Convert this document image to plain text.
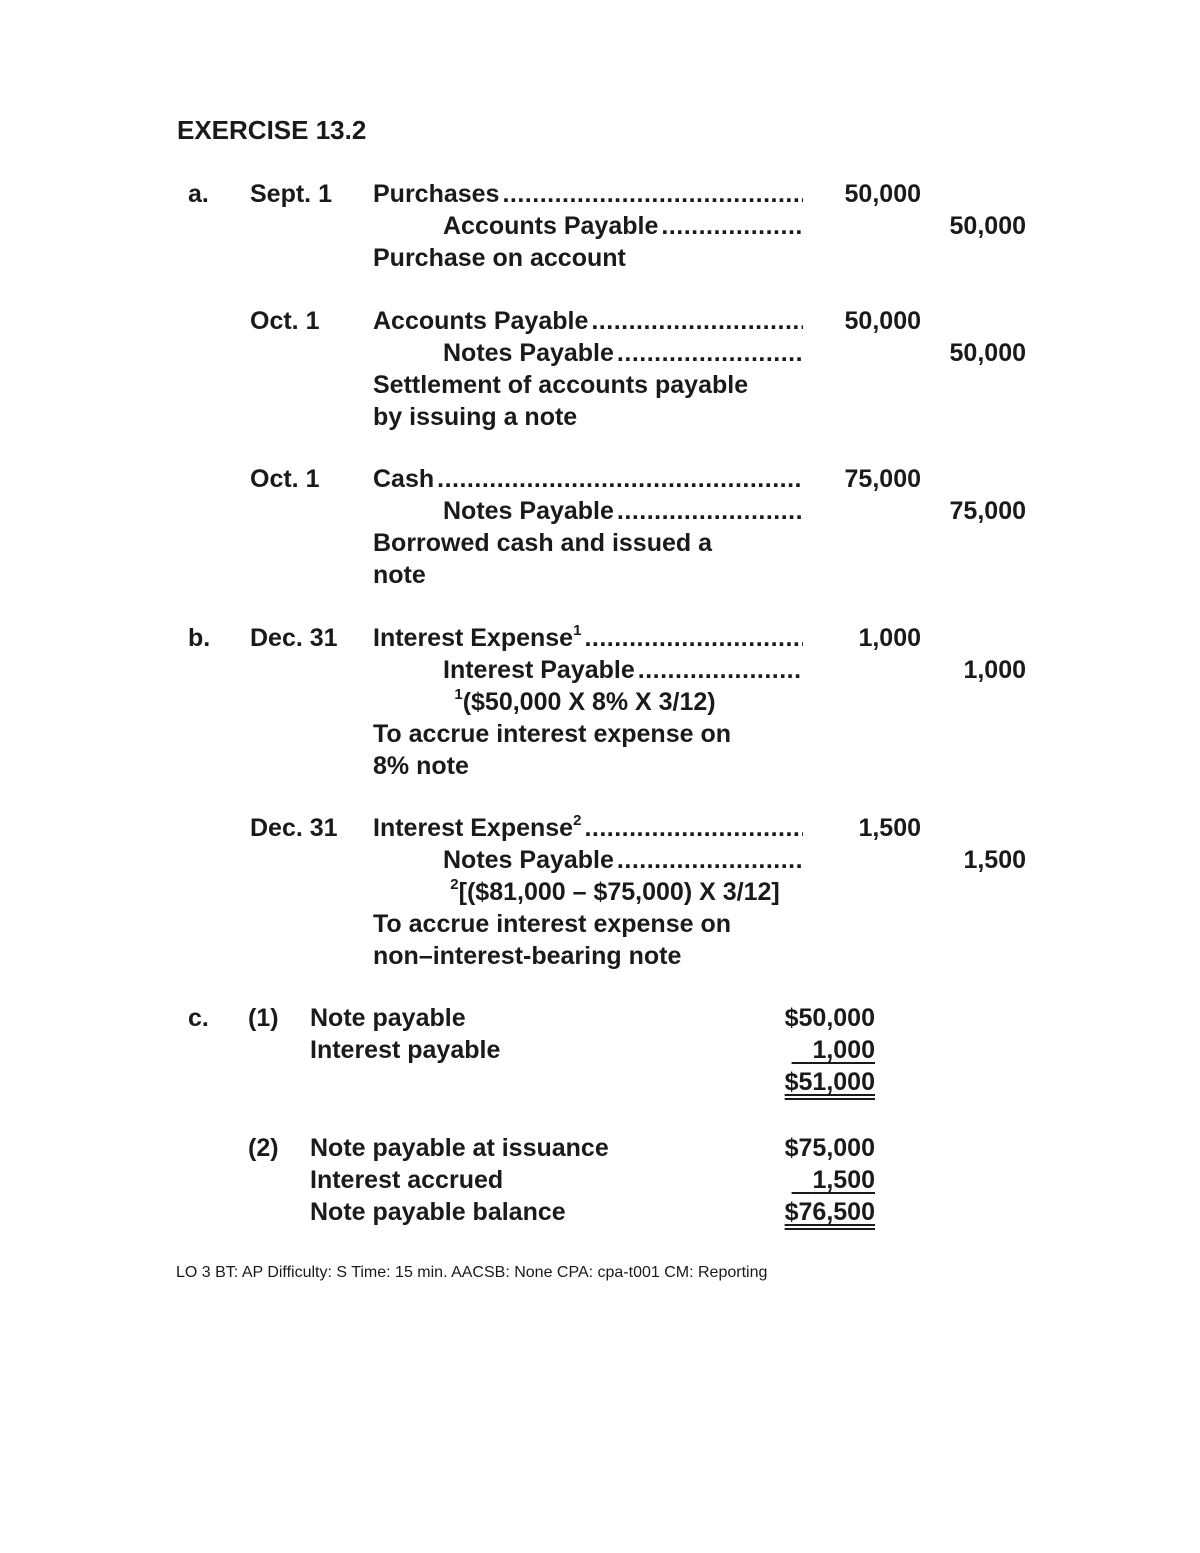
EXERCISE 13.2
a. Sept. 1 Purchases .....	50,000
Accounts Payable .....	50,000
Purchase on account
Oct. 1 Accounts Payable .....	50,000
Notes Payable .....	50,000
Settlement of accounts payable
by issuing a note
Oct. 1 Cash .....	75,000
Notes Payable .....	75,000
Borrowed cash and issued a
note
b. Dec. 31 Interest Expense$^1$ .....	1,000
Interest Payable .....	1,000
$^1$($50,000 X 8% X 3/12)
To accrue interest expense on
8% note
Dec. 31 Interest Expense$^2$ .....	1,500
Notes Payable .....	1,500
$^2$[($81,000 – $75,000) X 3/12]
To accrue interest expense on
non–interest-bearing note
c. (1) Note payable	$50,000
Interest payable	1,000
$51,000
(2) Note payable at issuance	$75,000
Interest accrued	1,500
Note payable balance	$76,500
LO 3 BT: AP Difficulty: S Time: 15 min. AACSB: None CPA: cpa-t001 CM: Reporting
